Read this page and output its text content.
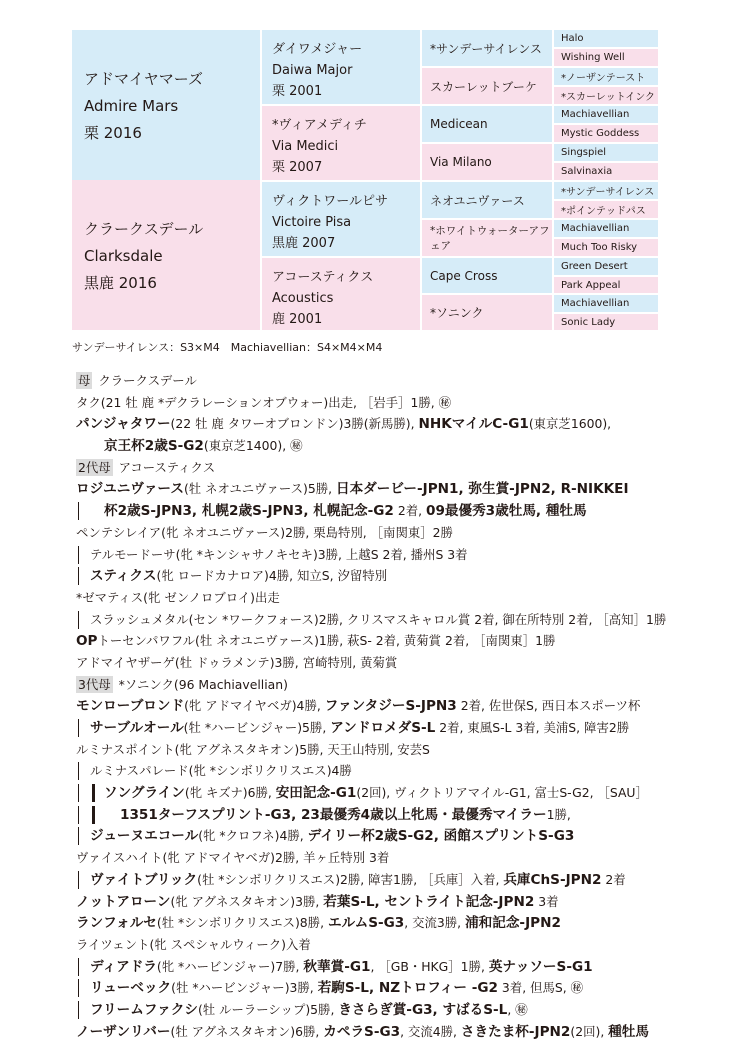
アドマイヤマーズ
Admire Mars
栗 2016
クラークスデール
Clarksdale
黒鹿 2016
ダイワメジャー
Daiwa Major
栗 2001
*ヴィアメディチ
Via Medici
栗 2007
ヴィクトワールピサ
Victoire Pisa
黒鹿 2007
アコースティクス
Acoustics
鹿 2001
*サンデーサイレンス
スカーレットブーケ
Medicean
Via Milano
ネオユニヴァース
*ホワイトウォーターアフェア
Cape Cross
*ソニンク
Halo
Wishing Well
*ノーザンテースト
*スカーレットインク
Machiavellian
Mystic Goddess
Singspiel
Salvinaxia
*サンデーサイレンス
*ポインテッドパス
Machiavellian
Much Too Risky
Green Desert
Park Appeal
Machiavellian
Sonic Lady
サンデーサイレンス：S3×M4　Machiavellian：S4×M4×M4
母 クラークスデール
タク(21 牡 鹿 *デクラレーションオブウォー)出走, ［岩手］1勝, ㊙
パンジャタワー(22 牡 鹿 タワーオブロンドン)3勝(新馬勝), NHKマイルC-G1(東京芝1600),
京王杯2歳S-G2(東京芝1400), ㊙
2代母 アコースティクス
ロジユニヴァース(牡 ネオユニヴァース)5勝, 日本ダービー-JPN1, 弥生賞-JPN2, R-NIKKEI
杯2歳S-JPN3, 札幌2歳S-JPN3, 札幌記念-G2 2着, 09最優秀3歳牡馬, 種牡馬
ペンテシレイア(牝 ネオユニヴァース)2勝, 栗島特別, ［南関東］2勝
テルモードーサ(牝 *キンシャサノキセキ)3勝, 上越S 2着, 播州S 3着
スティクス(牝 ロードカナロア)4勝, 知立S, 汐留特別
*ゼマティス(牝 ゼンノロブロイ)出走
スラッシュメタル(セン *ワークフォース)2勝, クリスマスキャロル賞 2着, 御在所特別 2着, ［高知］1勝
OPトーセンパワフル(牡 ネオユニヴァース)1勝, 萩S- 2着, 黄菊賞 2着, ［南関東］1勝
アドマイヤザーゲ(牡 ドゥラメンテ)3勝, 宮崎特別, 黄菊賞
3代母 *ソニンク(96 Machiavellian)
モンローブロンド(牝 アドマイヤベガ)4勝, ファンタジーS-JPN3 2着, 佐世保S, 西日本スポーツ杯
サーブルオール(牡 *ハービンジャー)5勝, アンドロメダS-L 2着, 東風S-L 3着, 美浦S, 障害2勝
ルミナスポイント(牝 アグネスタキオン)5勝, 天王山特別, 安芸S
ルミナスパレード(牝 *シンボリクリスエス)4勝
ソングライン(牝 キズナ)6勝, 安田記念-G1(2回), ヴィクトリアマイル-G1, 富士S-G2, ［SAU］
1351ターフスプリント-G3, 23最優秀4歳以上牝馬・最優秀マイラー1勝,
ジューヌエコール(牝 *クロフネ)4勝, デイリー杯2歳S-G2, 函館スプリントS-G3
ヴァイスハイト(牝 アドマイヤベガ)2勝, 羊ヶ丘特別 3着
ヴァイトブリック(牡 *シンボリクリスエス)2勝, 障害1勝, ［兵庫］入着, 兵庫ChS-JPN2 2着
ノットアローン(牝 アグネスタキオン)3勝, 若葉S-L, セントライト記念-JPN2 3着
ランフォルセ(牡 *シンボリクリスエス)8勝, エルムS-G3, 交流3勝, 浦和記念-JPN2
ライツェント(牝 スペシャルウィーク)入着
ディアドラ(牝 *ハービンジャー)7勝, 秋華賞-G1, ［GB・HKG］1勝, 英ナッソーS-G1
リューベック(牡 *ハービンジャー)3勝, 若駒S-L, NZトロフィー -G2 3着, 但馬S, ㊙
フリームファクシ(牡 ルーラーシップ)5勝, きさらぎ賞-G3, すばるS-L, ㊙
ノーザンリバー(牡 アグネスタキオン)6勝, カペラS-G3, 交流4勝, さきたま杯-JPN2(2回), 種牡馬
